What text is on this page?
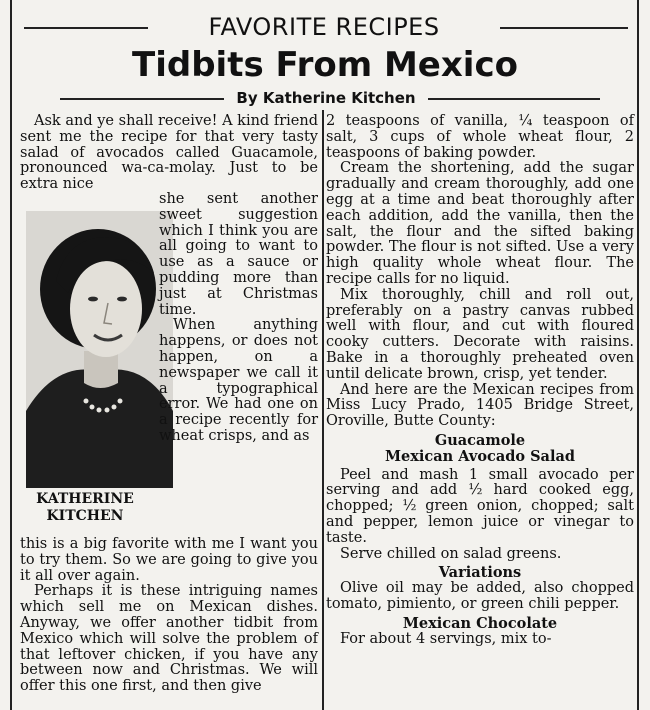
FAVORITE RECIPES
Tidbits From Mexico
By Katherine Kitchen

Ask and ye shall receive! A kind friend sent me the recipe for that very tasty salad of avocados called Guacamole, pronounced wa-ca-molay. Just to be extra nice

she sent another sweet suggestion which I think you are all going to want to use as a sauce or pudding more than just at Christmas time.

When anything happens, or does not happen, on a newspaper we call it a typographical error. We had one on a recipe recently for wheat crisps, and as

KATHERINE
KITCHEN

this is a big favorite with me I want you to try them. So we are going to give you it all over again.

Perhaps it is these intriguing names which sell me on Mexican dishes. Anyway, we offer another tidbit from Mexico which will solve the problem of that leftover chicken, if you have any between now and Christmas. We will offer this one first, and then give

2 teaspoons of vanilla, ¼ teaspoon of salt, 3 cups of whole wheat flour, 2 teaspoons of baking powder.

Cream the shortening, add the sugar gradually and cream thoroughly, add one egg at a time and beat thoroughly after each addition, add the vanilla, then the salt, the flour and the sifted baking powder. The flour is not sifted. Use a very high quality whole wheat flour. The recipe calls for no liquid.

Mix thoroughly, chill and roll out, preferably on a pastry canvas rubbed well with flour, and cut with floured cooky cutters. Decorate with raisins. Bake in a thoroughly preheated oven until delicate brown, crisp, yet tender.

And here are the Mexican recipes from Miss Lucy Prado, 1405 Bridge Street, Oroville, Butte County:

Guacamole

Mexican Avocado Salad

Peel and mash 1 small avocado per serving and add ½ hard cooked egg, chopped; ½ green onion, chopped; salt and pepper, lemon juice or vinegar to taste.

Serve chilled on salad greens.

Variations

Olive oil may be added, also chopped tomato, pimiento, or green chili pepper.

Mexican Chocolate

For about 4 servings, mix to-
